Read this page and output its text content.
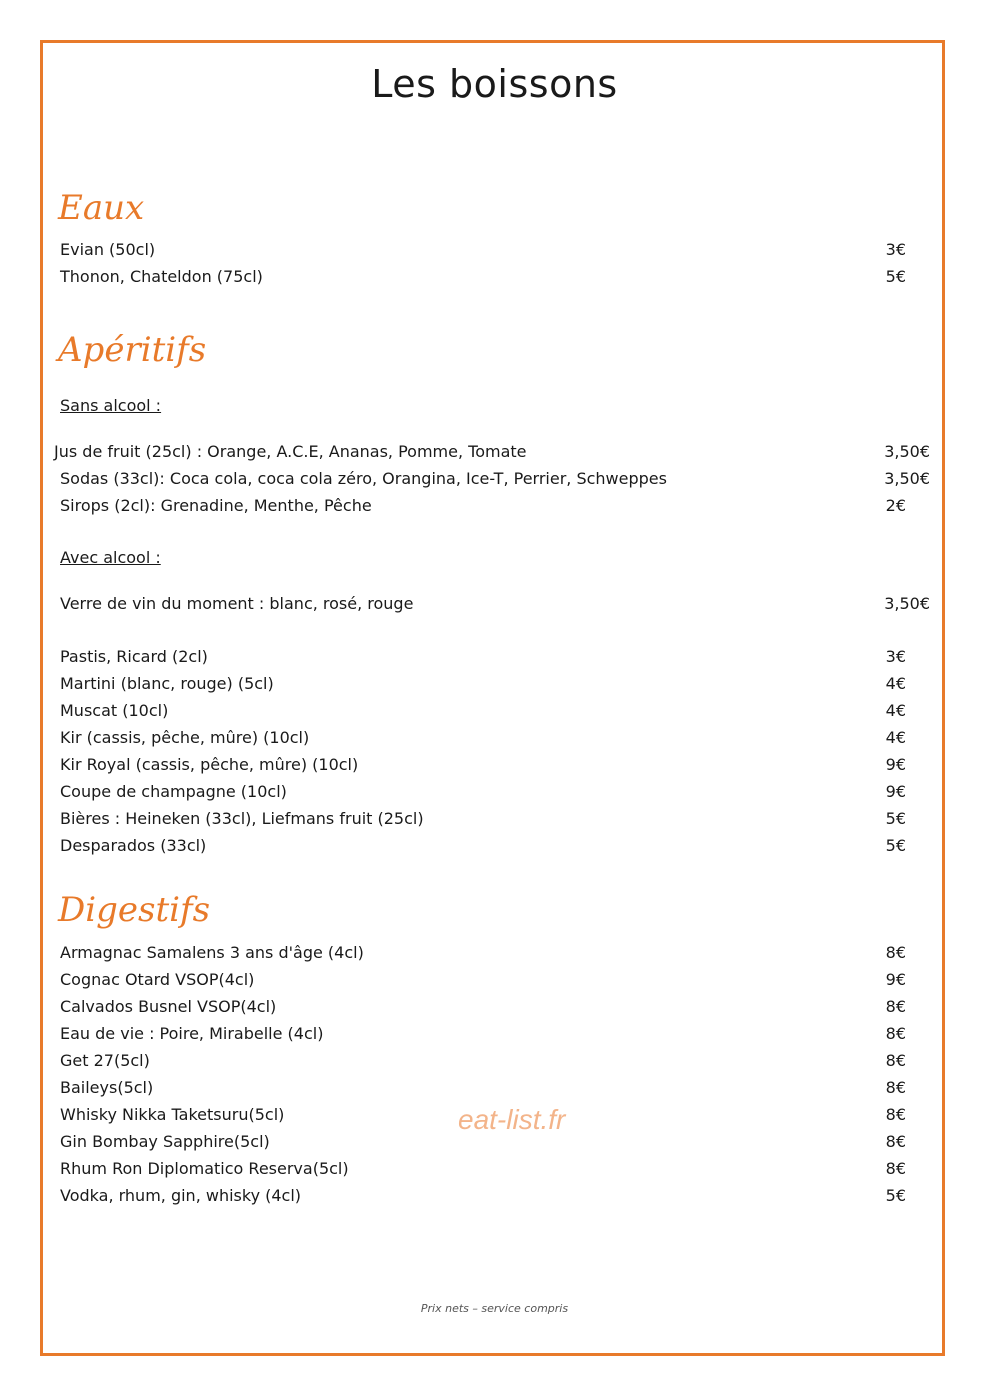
Les boissons
Eaux
Evian (50cl)	3€
Thonon, Chateldon (75cl)	5€
Apéritifs
Sans alcool :
Jus de fruit (25cl) : Orange, A.C.E, Ananas, Pomme, Tomate	3,50€
Sodas (33cl): Coca cola, coca cola zéro, Orangina, Ice-T, Perrier, Schweppes	3,50€
Sirops (2cl): Grenadine, Menthe, Pêche	2€
Avec alcool :
Verre de vin du moment : blanc, rosé, rouge	3,50€
Pastis, Ricard (2cl)	3€
Martini (blanc, rouge) (5cl)	4€
Muscat (10cl)	4€
Kir (cassis, pêche, mûre) (10cl)	4€
Kir Royal (cassis, pêche, mûre) (10cl)	9€
Coupe de champagne (10cl)	9€
Bières : Heineken (33cl), Liefmans fruit (25cl)	5€
Desparados (33cl)	5€
Digestifs
Armagnac Samalens 3 ans d'âge (4cl)	8€
Cognac Otard VSOP(4cl)	9€
Calvados Busnel VSOP(4cl)	8€
Eau de vie : Poire, Mirabelle (4cl)	8€
Get 27(5cl)	8€
Baileys(5cl)	8€
Whisky Nikka Taketsuru(5cl)	8€
Gin Bombay Sapphire(5cl)	8€
Rhum Ron Diplomatico Reserva(5cl)	8€
Vodka, rhum, gin, whisky (4cl)	5€
eat-list.fr
Prix nets – service compris
